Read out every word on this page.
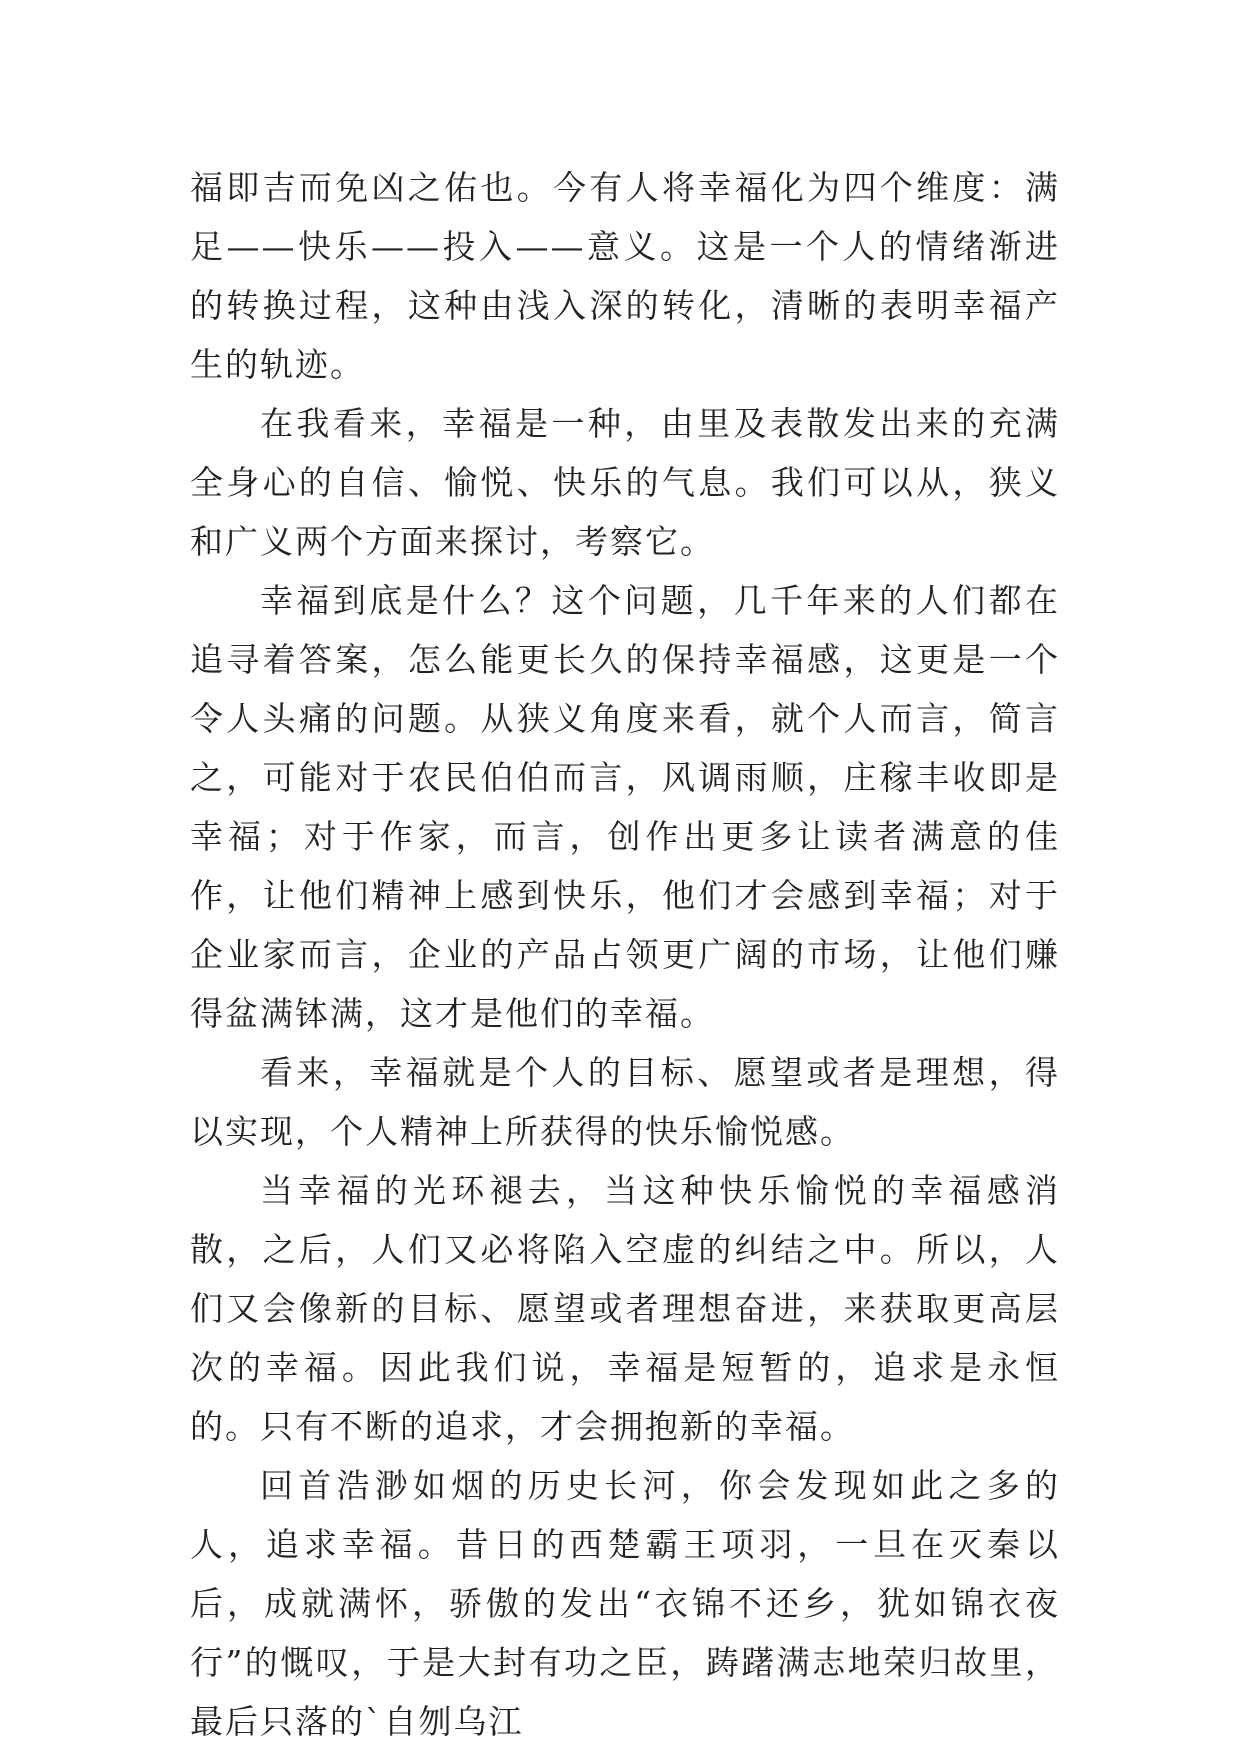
福即吉而免凶之佑也。今有人将幸福化为四个维度：满足——快乐——投入——意义。这是一个人的情绪渐进的转换过程，这种由浅入深的转化，清晰的表明幸福产生的轨迹。

在我看来，幸福是一种，由里及表散发出来的充满全身心的自信、愉悦、快乐的气息。我们可以从，狭义和广义两个方面来探讨，考察它。

幸福到底是什么？这个问题，几千年来的人们都在追寻着答案，怎么能更长久的保持幸福感，这更是一个令人头痛的问题。从狭义角度来看，就个人而言，简言之，可能对于农民伯伯而言，风调雨顺，庄稼丰收即是幸福；对于作家，而言，创作出更多让读者满意的佳作，让他们精神上感到快乐，他们才会感到幸福；对于企业家而言，企业的产品占领更广阔的市场，让他们赚得盆满钵满，这才是他们的幸福。

看来，幸福就是个人的目标、愿望或者是理想，得以实现，个人精神上所获得的快乐愉悦感。

当幸福的光环褪去，当这种快乐愉悦的幸福感消散，之后，人们又必将陷入空虚的纠结之中。所以，人们又会像新的目标、愿望或者理想奋进，来获取更高层次的幸福。因此我们说，幸福是短暂的，追求是永恒的。只有不断的追求，才会拥抱新的幸福。

回首浩渺如烟的历史长河，你会发现如此之多的人，追求幸福。昔日的西楚霸王项羽，一旦在灭秦以后，成就满怀，骄傲的发出“衣锦不还乡，犹如锦衣夜行”的慨叹，于是大封有功之臣，踌躇满志地荣归故里，最后只落的`自刎乌江
